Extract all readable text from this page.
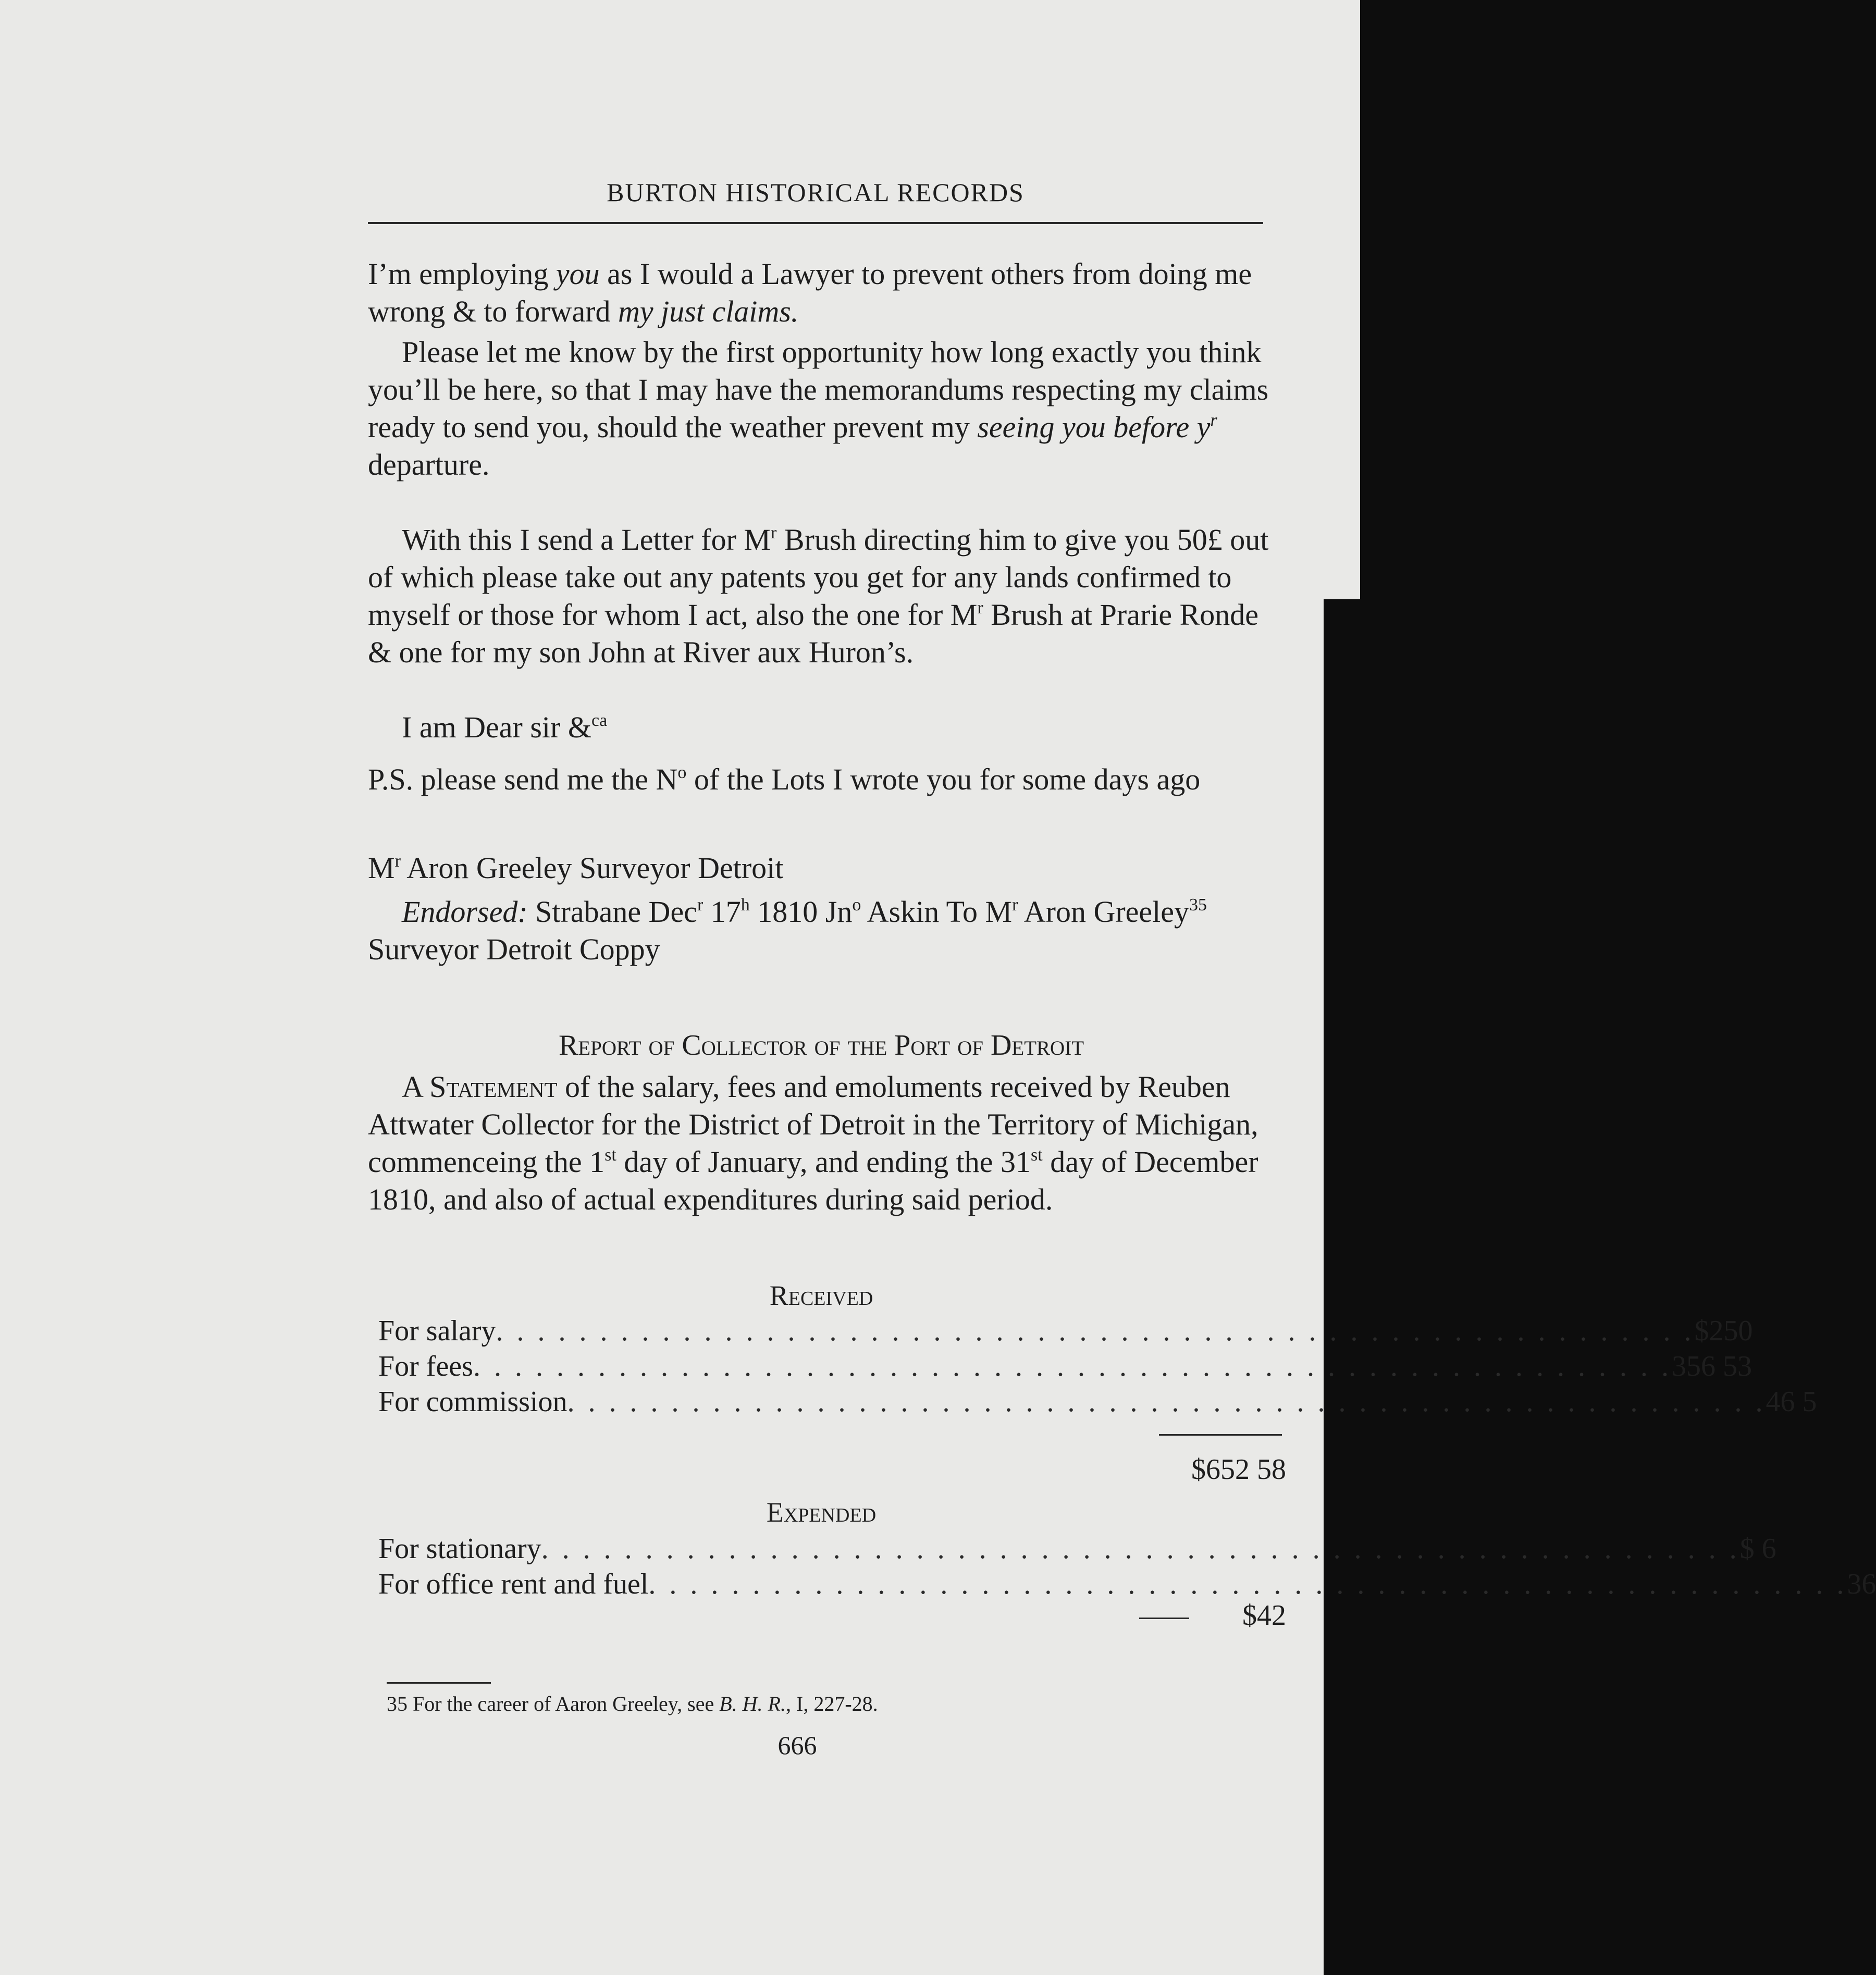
BURTON HISTORICAL RECORDS
I’m employing you as I would a Lawyer to prevent others from doing me wrong & to forward my just claims.
Please let me know by the first opportunity how long exactly you think you’ll be here, so that I may have the memorandums respecting my claims ready to send you, should the weather prevent my seeing you before $y^r$ departure.
With this I send a Letter for $M^r$ Brush directing him to give you 50£ out of which please take out any patents you get for any lands confirmed to myself or those for whom I act, also the one for $M^r$ Brush at Prarie Ronde & one for my son John at River aux Huron’s.
I am Dear sir &$^{ca}$
P.S. please send me the $N^o$ of the Lots I wrote you for some days ago
$M^r$ Aron Greeley Surveyor Detroit
Endorsed: Strabane Dec$^r$ 17$^h$ 1810 Jn$^o$ Askin To $M^r$ Aron Greeley$^{35}$ Surveyor Detroit Coppy
Report of Collector of the Port of Detroit
A Statement of the salary, fees and emoluments received by Reuben Attwater Collector for the District of Detroit in the Territory of Michigan, commenceing the 1st day of January, and ending the 31st day of December 1810, and also of actual expenditures during said period.
Received
For salary . . . . . . . . . . . . . . . . . . . . . . . . . . . . . . . . . . . . . . . . . . . . . . . . . . . . . . . . . . $250
For fees . . . . . . . . . . . . . . . . . . . . . . . . . . . . . . . . . . . . . . . . . . . . . . . . . . . . . . . . . . 356 53
For commission . . . . . . . . . . . . . . . . . . . . . . . . . . . . . . . . . . . . . . . . . . . . . . . . . . . . . . . . . . 46 5
$652 58
Expended
For stationary . . . . . . . . . . . . . . . . . . . . . . . . . . . . . . . . . . . . . . . . . . . . . . . . . . . . . . . . . . $ 6
For office rent and fuel . . . . . . . . . . . . . . . . . . . . . . . . . . . . . . . . . . . . . . . . . . . . . . . . . . . . . . . . . . 36
$42
35 For the career of Aaron Greeley, see B. H. R., I, 227-28.
666
